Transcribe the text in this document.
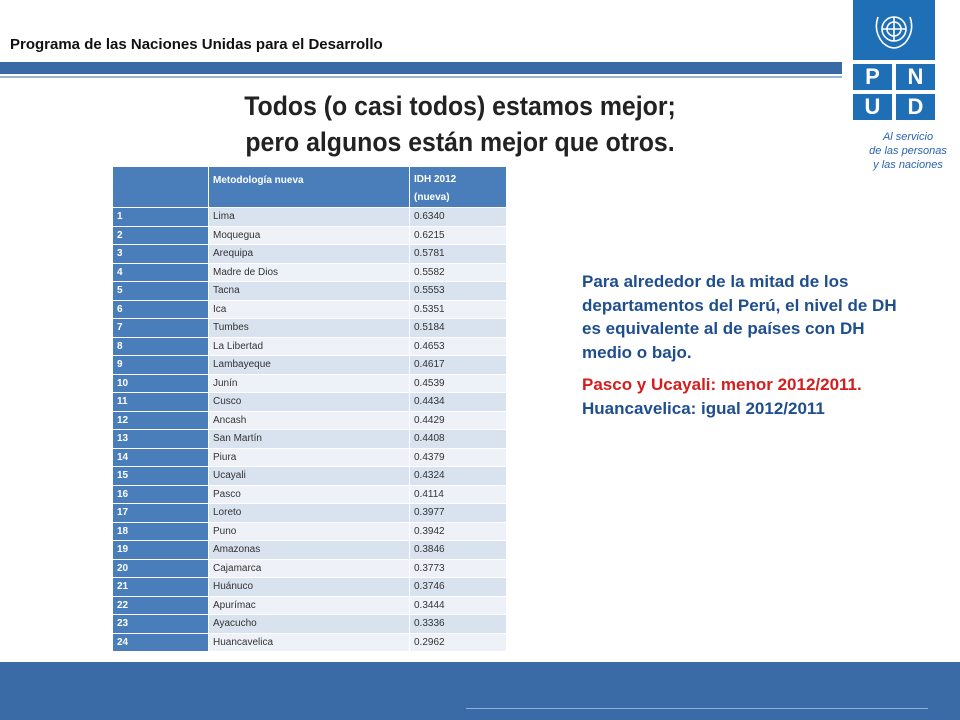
Programa de las Naciones Unidas para el Desarrollo
P	N
U	D
Al servicio
de las personas
y las naciones
Todos (o casi todos) estamos mejor;
pero algunos están mejor que otros.
	Metodología nueva	IDH 2012
(nueva)

1	Lima	0.6340
2	Moquegua	0.6215
3	Arequipa	0.5781
4	Madre de Dios	0.5582
5	Tacna	0.5553
6	Ica	0.5351
7	Tumbes	0.5184
8	La Libertad	0.4653
9	Lambayeque	0.4617
10	Junín	0.4539
11	Cusco	0.4434
12	Ancash	0.4429
13	San Martín	0.4408
14	Piura	0.4379
15	Ucayali	0.4324
16	Pasco	0.4114
17	Loreto	0.3977
18	Puno	0.3942
19	Amazonas	0.3846
20	Cajamarca	0.3773
21	Huánuco	0.3746
22	Apurímac	0.3444
23	Ayacucho	0.3336
24	Huancavelica	0.2962

Para alrededor de la mitad de los departamentos del Perú, el nivel de DH es equivalente al de países con DH medio o bajo.

Pasco y Ucayali: menor 2012/2011.

Huancavelica: igual 2012/2011
